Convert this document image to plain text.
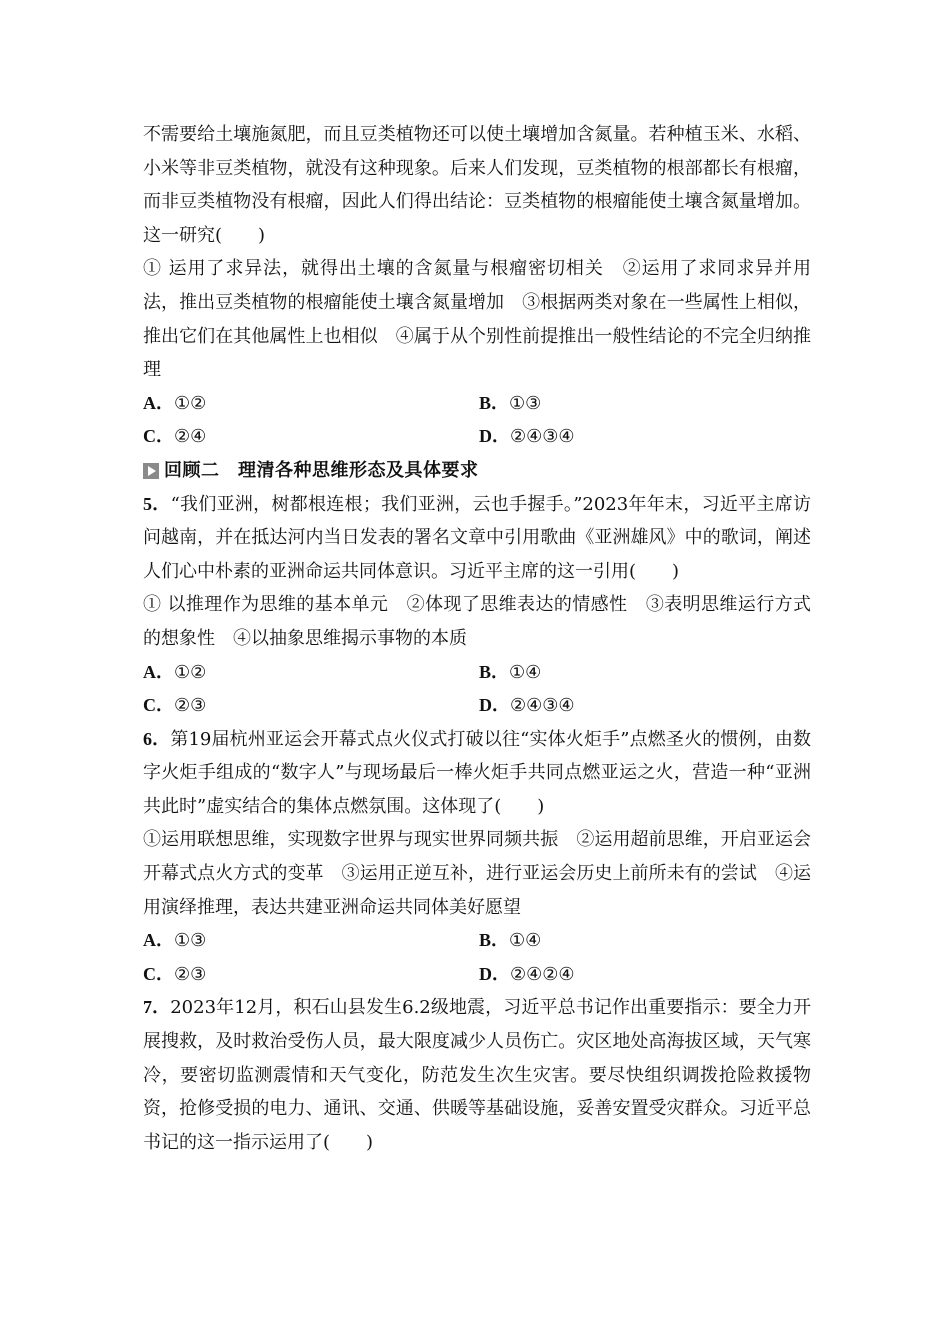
不需要给土壤施氮肥，而且豆类植物还可以使土壤增加含氮量。若种植玉米、水稻、小米等非豆类植物，就没有这种现象。后来人们发现，豆类植物的根部都长有根瘤，而非豆类植物没有根瘤，因此人们得出结论：豆类植物的根瘤能使土壤含氮量增加。这一研究(　　)

① 运用了求异法，就得出土壤的含氮量与根瘤密切相关　②运用了求同求异并用法，推出豆类植物的根瘤能使土壤含氮量增加　③根据两类对象在一些属性上相似，推出它们在其他属性上也相似　④属于从个别性前提推出一般性结论的不完全归纳推理

A．①②	B．①③
C．②④	D．②④③④
回顾二　理清各种思维形态及具体要求

5．“我们亚洲，树都根连根；我们亚洲，云也手握手。”2023年年末，习近平主席访问越南，并在抵达河内当日发表的署名文章中引用歌曲《亚洲雄风》中的歌词，阐述人们心中朴素的亚洲命运共同体意识。习近平主席的这一引用(　　)

① 以推理作为思维的基本单元　②体现了思维表达的情感性　③表明思维运行方式的想象性　④以抽象思维揭示事物的本质

A．①②	B．①④
C．②③	D．②④③④

6．第19届杭州亚运会开幕式点火仪式打破以往“实体火炬手”点燃圣火的惯例，由数字火炬手组成的“数字人”与现场最后一棒火炬手共同点燃亚运之火，营造一种“亚洲共此时”虚实结合的集体点燃氛围。这体现了(　　)

①运用联想思维，实现数字世界与现实世界同频共振　②运用超前思维，开启亚运会开幕式点火方式的变革　③运用正逆互补，进行亚运会历史上前所未有的尝试　④运用演绎推理，表达共建亚洲命运共同体美好愿望

A．①③	B．①④
C．②③	D．②④②④

7．2023年12月，积石山县发生6.2级地震，习近平总书记作出重要指示：要全力开展搜救，及时救治受伤人员，最大限度减少人员伤亡。灾区地处高海拔区域，天气寒冷，要密切监测震情和天气变化，防范发生次生灾害。要尽快组织调拨抢险救援物资，抢修受损的电力、通讯、交通、供暖等基础设施，妥善安置受灾群众。习近平总书记的这一指示运用了(　　)
